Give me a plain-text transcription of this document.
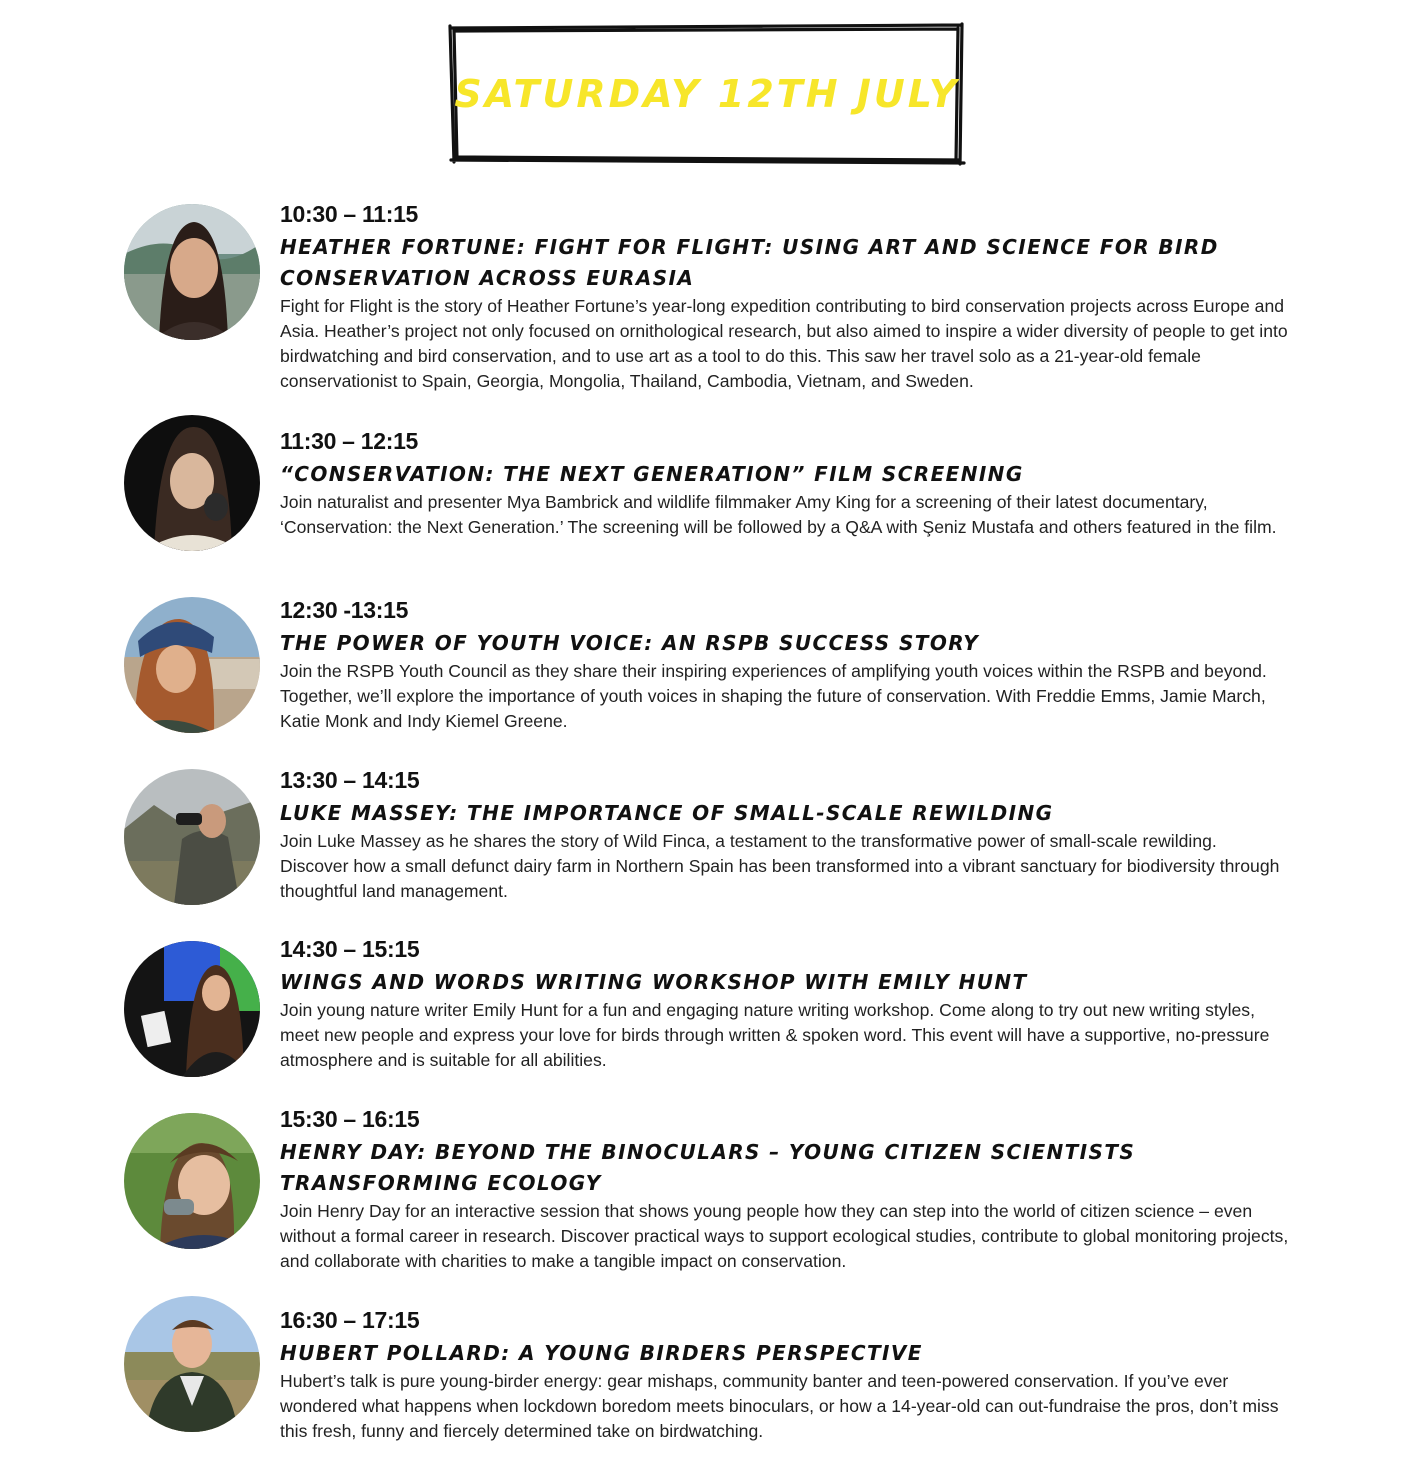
SATURDAY 12TH JULY
10:30 – 11:15
HEATHER FORTUNE: FIGHT FOR FLIGHT: USING ART AND SCIENCE FOR BIRD CONSERVATION ACROSS EURASIA
Fight for Flight is the story of Heather Fortune’s year-long expedition contributing to bird conservation projects across Europe and Asia. Heather’s project not only focused on ornithological research, but also aimed to inspire a wider diversity of people to get into birdwatching and bird conservation, and to use art as a tool to do this. This saw her travel solo as a 21-year-old female conservationist to Spain, Georgia, Mongolia, Thailand, Cambodia, Vietnam, and Sweden.
11:30 – 12:15
“CONSERVATION: THE NEXT GENERATION” FILM SCREENING
Join naturalist and presenter Mya Bambrick and wildlife filmmaker Amy King for a screening of their latest documentary, ‘Conservation: the Next Generation.’ The screening will be followed by a Q&A with Şeniz Mustafa and others featured in the film.
12:30 -13:15
THE POWER OF YOUTH VOICE: AN RSPB SUCCESS STORY
Join the RSPB Youth Council as they share their inspiring experiences of amplifying youth voices within the RSPB and beyond. Together, we’ll explore the importance of youth voices in shaping the future of conservation. With Freddie Emms, Jamie March, Katie Monk and Indy Kiemel Greene.
13:30 – 14:15
LUKE MASSEY: THE IMPORTANCE OF SMALL-SCALE REWILDING
Join Luke Massey as he shares the story of Wild Finca, a testament to the transformative power of small-scale rewilding. Discover how a small defunct dairy farm in Northern Spain has been transformed into a vibrant sanctuary for biodiversity through thoughtful land management.
14:30 – 15:15
WINGS AND WORDS WRITING WORKSHOP WITH EMILY HUNT
Join young nature writer Emily Hunt for a fun and engaging nature writing workshop. Come along to try out new writing styles, meet new people and express your love for birds through written & spoken word. This event will have a supportive, no-pressure atmosphere and is suitable for all abilities.
15:30 – 16:15
HENRY DAY: BEYOND THE BINOCULARS – YOUNG CITIZEN SCIENTISTS TRANSFORMING ECOLOGY
Join Henry Day for an interactive session that shows young people how they can step into the world of citizen science – even without a formal career in research. Discover practical ways to support ecological studies, contribute to global monitoring projects, and collaborate with charities to make a tangible impact on conservation.
16:30 – 17:15
HUBERT POLLARD: A YOUNG BIRDERS PERSPECTIVE
Hubert’s talk is pure young-birder energy: gear mishaps, community banter and teen-powered conservation. If you’ve ever wondered what happens when lockdown boredom meets binoculars, or how a 14-year-old can out-fundraise the pros, don’t miss this fresh, funny and fiercely determined take on birdwatching.
